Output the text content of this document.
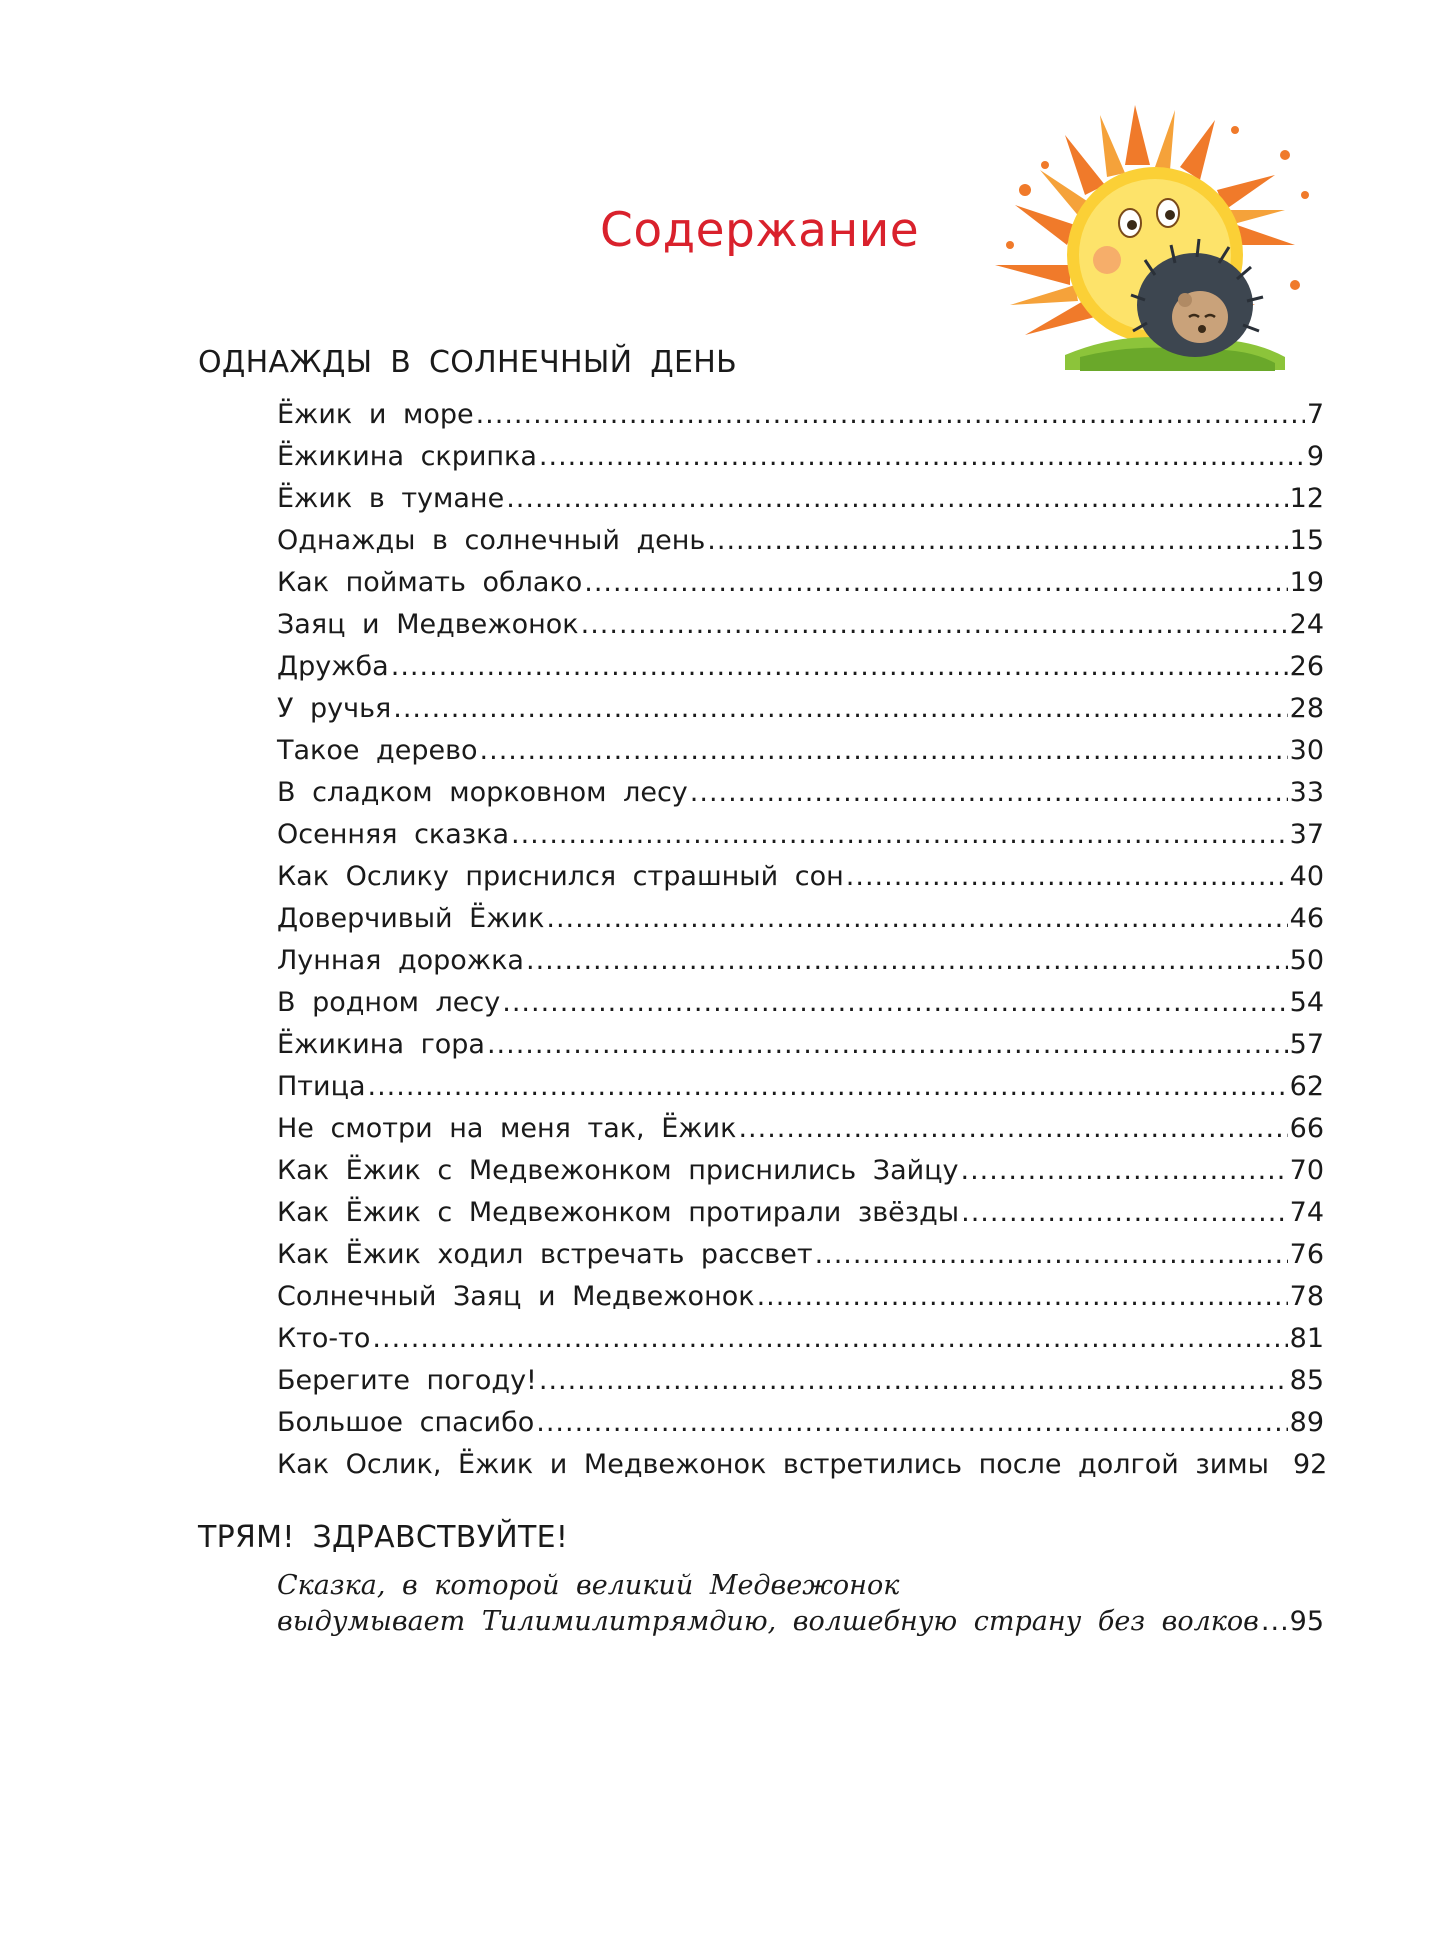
Содержание
ОДНАЖДЫ В СОЛНЕЧНЫЙ ДЕНЬ
Ёжик и море .....	7
Ёжикина скрипка .....	9
Ёжик в тумане .....	12
Однажды в солнечный день .....	15
Как поймать облако .....	19
Заяц и Медвежонок .....	24
Дружба .....	26
У ручья .....	28
Такое дерево .....	30
В сладком морковном лесу .....	33
Осенняя сказка .....	37
Как Ослику приснился страшный сон .....	40
Доверчивый Ёжик .....	46
Лунная дорожка .....	50
В родном лесу .....	54
Ёжикина гора .....	57
Птица .....	62
Не смотри на меня так, Ёжик .....	66
Как Ёжик с Медвежонком приснились Зайцу .....	70
Как Ёжик с Медвежонком протирали звёзды .....	74
Как Ёжик ходил встречать рассвет .....	76
Солнечный Заяц и Медвежонок .....	78
Кто-то .....	81
Берегите погоду! .....	85
Большое спасибо .....	89
Как Ослик, Ёжик и Медвежонок встретились после долгой зимы 92
ТРЯМ! ЗДРАВСТВУЙТЕ!
Сказка, в которой великий Медвежонок
выдумывает Тилимилитрямдию, волшебную страну без волков ..... 95
